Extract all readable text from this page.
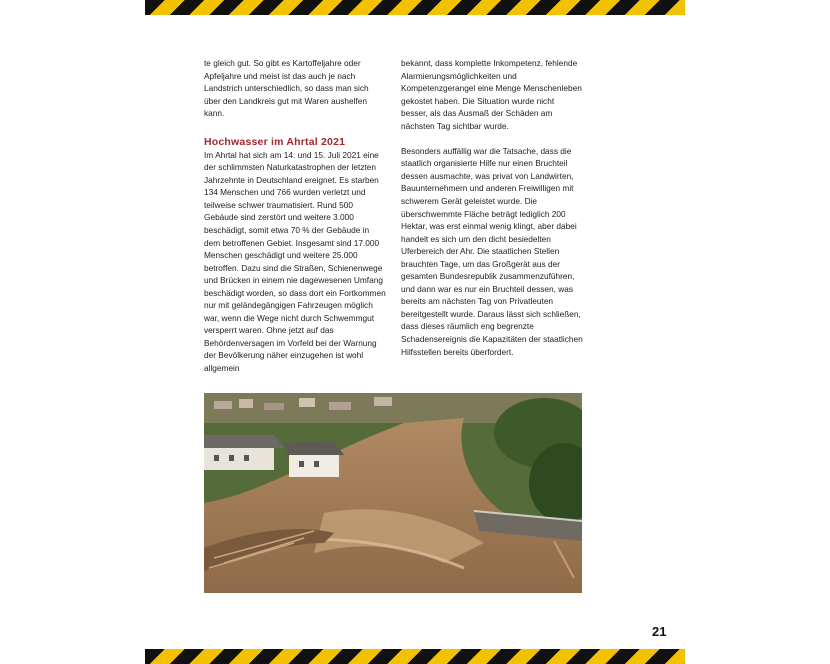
te gleich gut. So gibt es Kartoffeljahre oder Apfeljahre und meist ist das auch je nach Landstrich unterschiedlich, so dass man sich über den Landkreis gut mit Waren aushelfen kann.

Hochwasser im Ahrtal 2021

Im Ahrtal hat sich am 14. und 15. Juli 2021 eine der schlimmsten Naturkatastrophen der letzten Jahrzehnte in Deutschland ereignet. Es starben 134 Menschen und 766 wurden verletzt und teilweise schwer traumatisiert. Rund 500 Gebäude sind zerstört und weitere 3.000 beschädigt, somit etwa 70 % der Gebäude in dem betroffenen Gebiet. Insgesamt sind 17.000 Menschen geschädigt und weitere 25.000 betroffen. Dazu sind die Straßen, Schienenwege und Brücken in einem nie dagewesenen Umfang beschädigt worden, so dass dort ein Fortkommen nur mit geländegängigen Fahrzeugen möglich war, wenn die Wege nicht durch Schwemmgut versperrt waren. Ohne jetzt auf das Behördenversagen im Vorfeld bei der Warnung der Bevölkerung näher einzugehen ist wohl allgemein

bekannt, dass komplette Inkompetenz, fehlende Alarmierungsmöglichkeiten und Kompetenzgerangel eine Menge Menschenleben gekostet haben. Die Situation wurde nicht besser, als das Ausmaß der Schäden am nächsten Tag sichtbar wurde.

Besonders auffällig war die Tatsache, dass die staatlich organisierte Hilfe nur einen Bruchteil dessen ausmachte, was privat von Landwirten, Bauunternehmern und anderen Freiwilligen mit schwerem Gerät geleistet wurde. Die überschwemmte Fläche beträgt lediglich 200 Hektar, was erst einmal wenig klingt, aber dabei handelt es sich um den dicht besiedelten Uferbereich der Ahr. Die staatlichen Stellen brauchten Tage, um das Großgerät aus der gesamten Bundesrepublik zusammenzuführen, und dann war es nur ein Bruchteil dessen, was bereits am nächsten Tag von Privatleuten bereitgestellt wurde. Daraus lässt sich schließen, dass dieses räumlich eng begrenzte Schadensereignis die Kapazitäten der staatlichen Hilfsstellen bereits überfordert.

21
